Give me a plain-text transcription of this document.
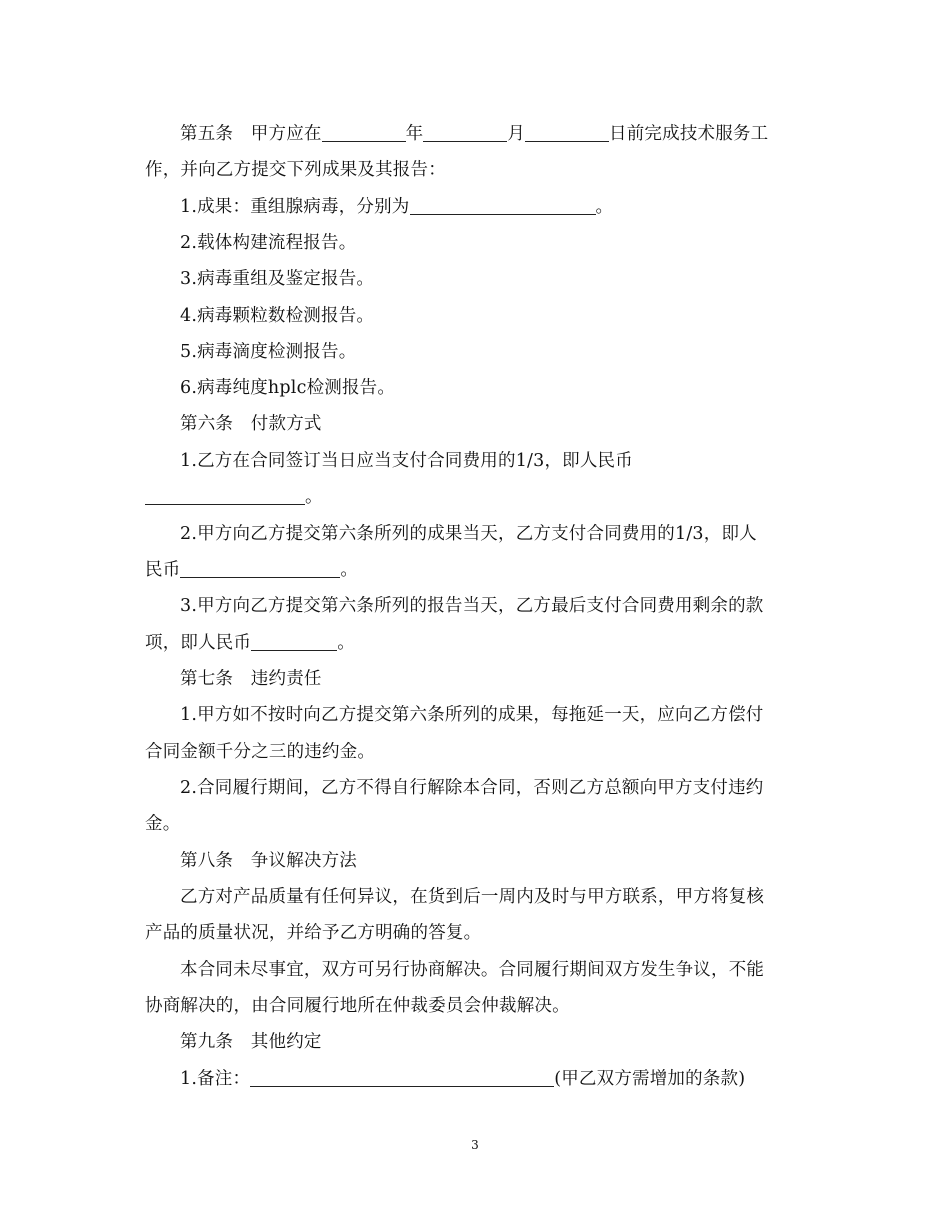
第五条　甲方应在	年	月	日前完成技术服务工
作，并向乙方提交下列成果及其报告：
1.成果：重组腺病毒，分别为	。
2.载体构建流程报告。
3.病毒重组及鉴定报告。
4.病毒颗粒数检测报告。
5.病毒滴度检测报告。
6.病毒纯度hplc检测报告。
第六条　付款方式
1.乙方在合同签订当日应当支付合同费用的1/3，即人民币
。
2.甲方向乙方提交第六条所列的成果当天，乙方支付合同费用的1/3，即人
民币	。
3.甲方向乙方提交第六条所列的报告当天，乙方最后支付合同费用剩余的款
项，即人民币	。
第七条　违约责任
1.甲方如不按时向乙方提交第六条所列的成果，每拖延一天，应向乙方偿付
合同金额千分之三的违约金。
2.合同履行期间，乙方不得自行解除本合同，否则乙方总额向甲方支付违约
金。
第八条　争议解决方法
乙方对产品质量有任何异议，在货到后一周内及时与甲方联系，甲方将复核
产品的质量状况，并给予乙方明确的答复。
本合同未尽事宜，双方可另行协商解决。合同履行期间双方发生争议，不能
协商解决的，由合同履行地所在仲裁委员会仲裁解决。
第九条　其他约定
1.备注：	(甲乙双方需增加的条款)
3
